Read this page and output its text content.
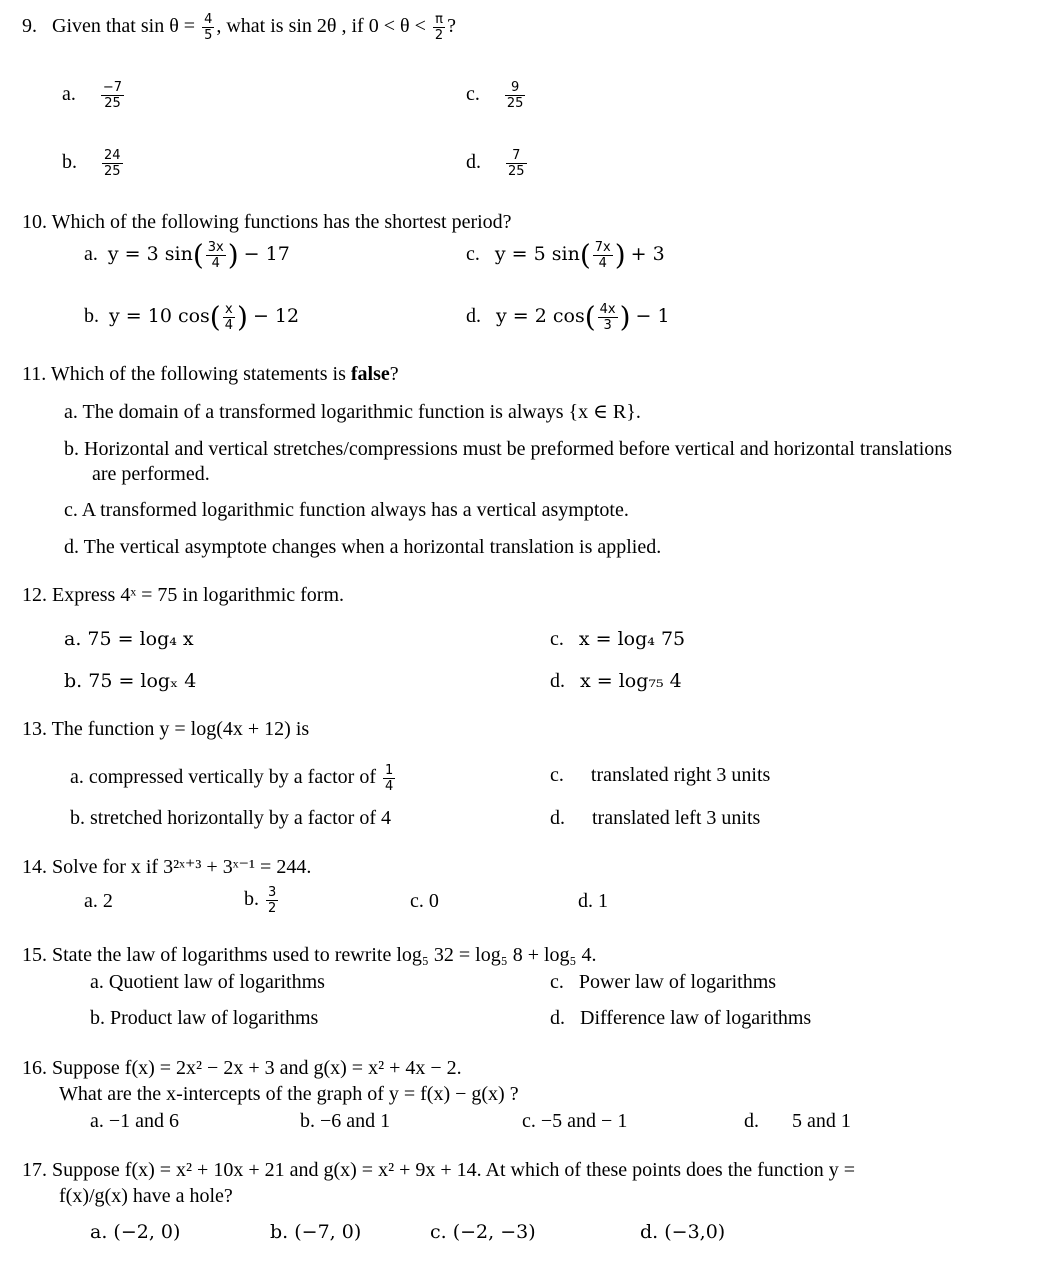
9. Given that $\sin \theta = \frac{4}{5}$ , what is sin 2θ , if $0 < \theta < \frac{\pi}{2}$ ?
a. $\frac{-7}{25}$
b. $\frac{24}{25}$
c. $\frac{9}{25}$
d. $\frac{7}{25}$
10. Which of the following functions has the shortest period?
a. y = 3 $\sin( \frac{3x}{4}$ ) − 17
b. y = 10 $\cos( \frac{x}{4}$ ) − 12
c. y = 5 $\sin( \frac{7x}{4}$ ) + 3
d. y = 2 $\cos( \frac{4x}{3}$ ) − 1
11. Which of the following statements is false?
a. The domain of a transformed logarithmic function is always {x ∈ R}.
b. Horizontal and vertical stretches/compressions must be preformed before vertical and horizontal translations
are performed.
c. A transformed logarithmic function always has a vertical asymptote.
d. The vertical asymptote changes when a horizontal translation is applied.
12. Express 4ˣ = 75 in logarithmic form.
a. 75 = log₄ x
b. 75 = logₓ 4
c. x = log₄ 75
d. x = log₇₅ 4
13. The function y = log(4x + 12) is
a. compressed vertically by a factor of $\frac{1}{4}$
b. stretched horizontally by a factor of 4
c. translated right 3 units
d. translated left 3 units
14. Solve for x if 3²ˣ⁺³ + 3ˣ⁻¹ = 244.
a. 2	b. $\frac{3}{2}$	c. 0	d. 1
15. State the law of logarithms used to rewrite log₅ 32 = log₅ 8 + log₅ 4.
a. Quotient law of logarithms
b. Product law of logarithms
c. Power law of logarithms
d. Difference law of logarithms
16. Suppose f(x) = 2x² − 2x + 3 and g(x) = x² + 4x − 2.
What are the x-intercepts of the graph of y = f(x) − g(x) ?
a. −1 and 6	b. −6 and 1	c. −5 and − 1	d. 5 and 1
17. Suppose f(x) = x² + 10x + 21 and g(x) = x² + 9x + 14. At which of these points does the function y =
f(x)/g(x) have a hole?
a. (−2, 0)	b. (−7, 0)	c. (−2, −3)	d. (−3,0)
